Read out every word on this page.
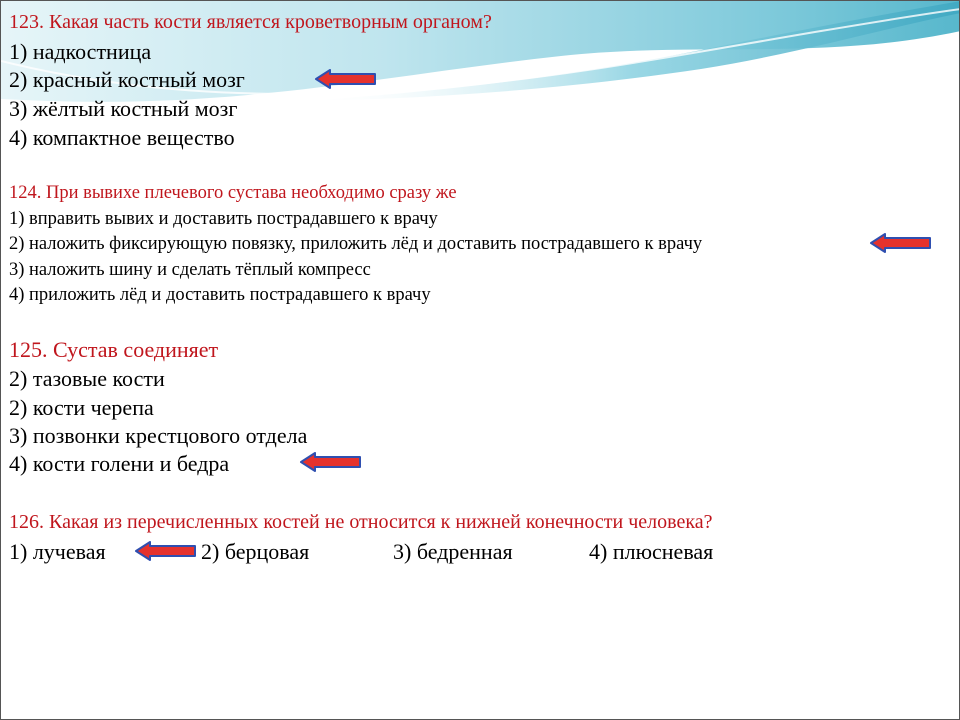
123. Какая часть кости является кроветворным органом?
1) надкостница
2) красный костный мозг
3) жёлтый костный мозг
4) компактное вещество
124. При вывихе плечевого сустава необходимо сразу же
1) вправить вывих и доставить пострадавшего к врачу
2) наложить фиксирующую повязку, приложить лёд и доставить пострадавшего к врачу
3) наложить шину и сделать тёплый компресс
4) приложить лёд и доставить пострадавшего к врачу
125. Сустав соединяет
2) тазовые кости
2) кости черепа
3) позвонки крестцового отдела
4) кости голени и бедра
126. Какая из перечисленных костей не относится к нижней конечности человека?
1) лучевая	2) берцовая	3) бедренная	4) плюсневая
